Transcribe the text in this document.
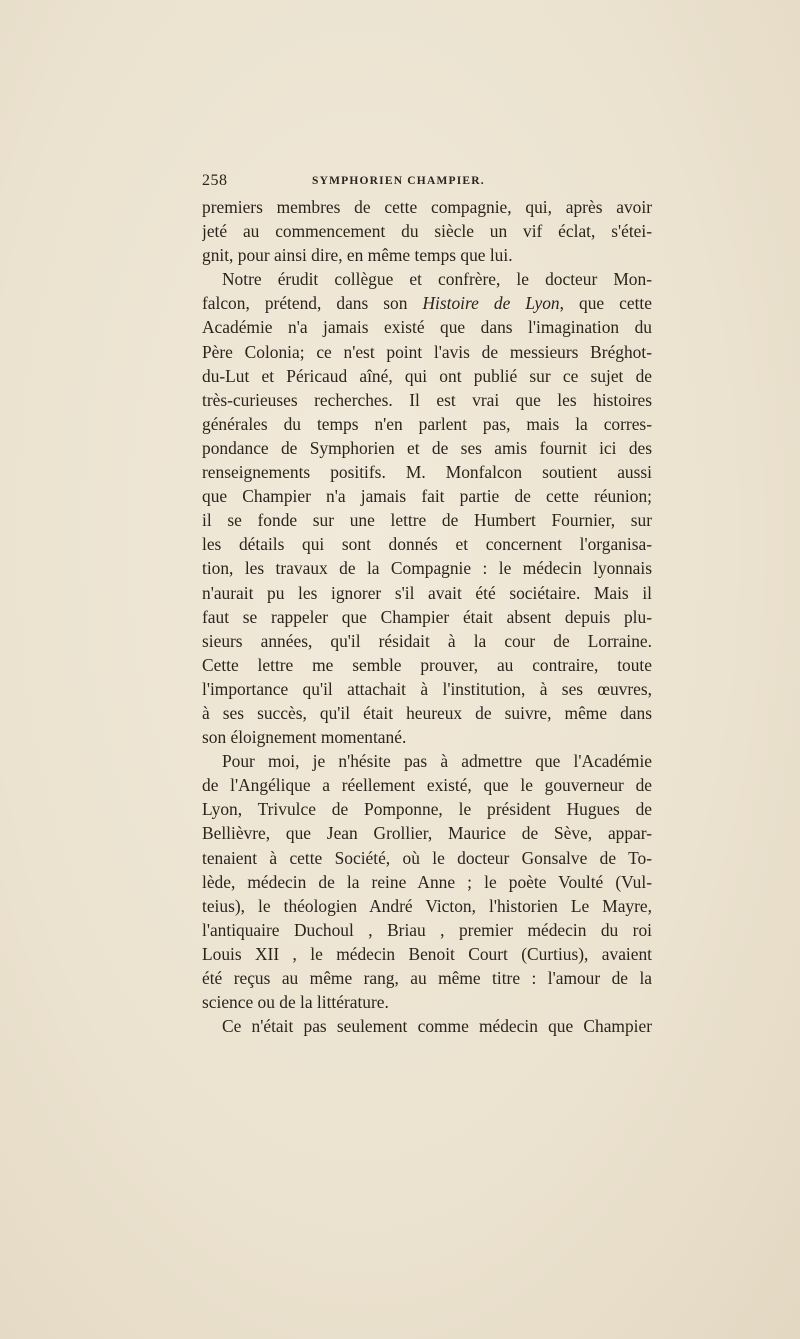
258	SYMPHORIEN CHAMPIER.
premiers membres de cette compagnie, qui, après avoir
jeté au commencement du siècle un vif éclat, s'étei-
gnit, pour ainsi dire, en même temps que lui.
Notre érudit collègue et confrère, le docteur Mon-
falcon, prétend, dans son Histoire de Lyon, que cette
Académie n'a jamais existé que dans l'imagination du
Père Colonia; ce n'est point l'avis de messieurs Bréghot-
du-Lut et Péricaud aîné, qui ont publié sur ce sujet de
très-curieuses recherches. Il est vrai que les histoires
générales du temps n'en parlent pas, mais la corres-
pondance de Symphorien et de ses amis fournit ici des
renseignements positifs. M. Monfalcon soutient aussi
que Champier n'a jamais fait partie de cette réunion;
il se fonde sur une lettre de Humbert Fournier, sur
les détails qui sont donnés et concernent l'organisa-
tion, les travaux de la Compagnie : le médecin lyonnais
n'aurait pu les ignorer s'il avait été sociétaire. Mais il
faut se rappeler que Champier était absent depuis plu-
sieurs années, qu'il résidait à la cour de Lorraine.
Cette lettre me semble prouver, au contraire, toute
l'importance qu'il attachait à l'institution, à ses œuvres,
à ses succès, qu'il était heureux de suivre, même dans
son éloignement momentané.
Pour moi, je n'hésite pas à admettre que l'Académie
de l'Angélique a réellement existé, que le gouverneur de
Lyon, Trivulce de Pomponne, le président Hugues de
Bellièvre, que Jean Grollier, Maurice de Sève, appar-
tenaient à cette Société, où le docteur Gonsalve de To-
lède, médecin de la reine Anne ; le poète Voulté (Vul-
teius), le théologien André Victon, l'historien Le Mayre,
l'antiquaire Duchoul , Briau , premier médecin du roi
Louis XII , le médecin Benoit Court (Curtius), avaient
été reçus au même rang, au même titre : l'amour de la
science ou de la littérature.
Ce n'était pas seulement comme médecin que Champier
